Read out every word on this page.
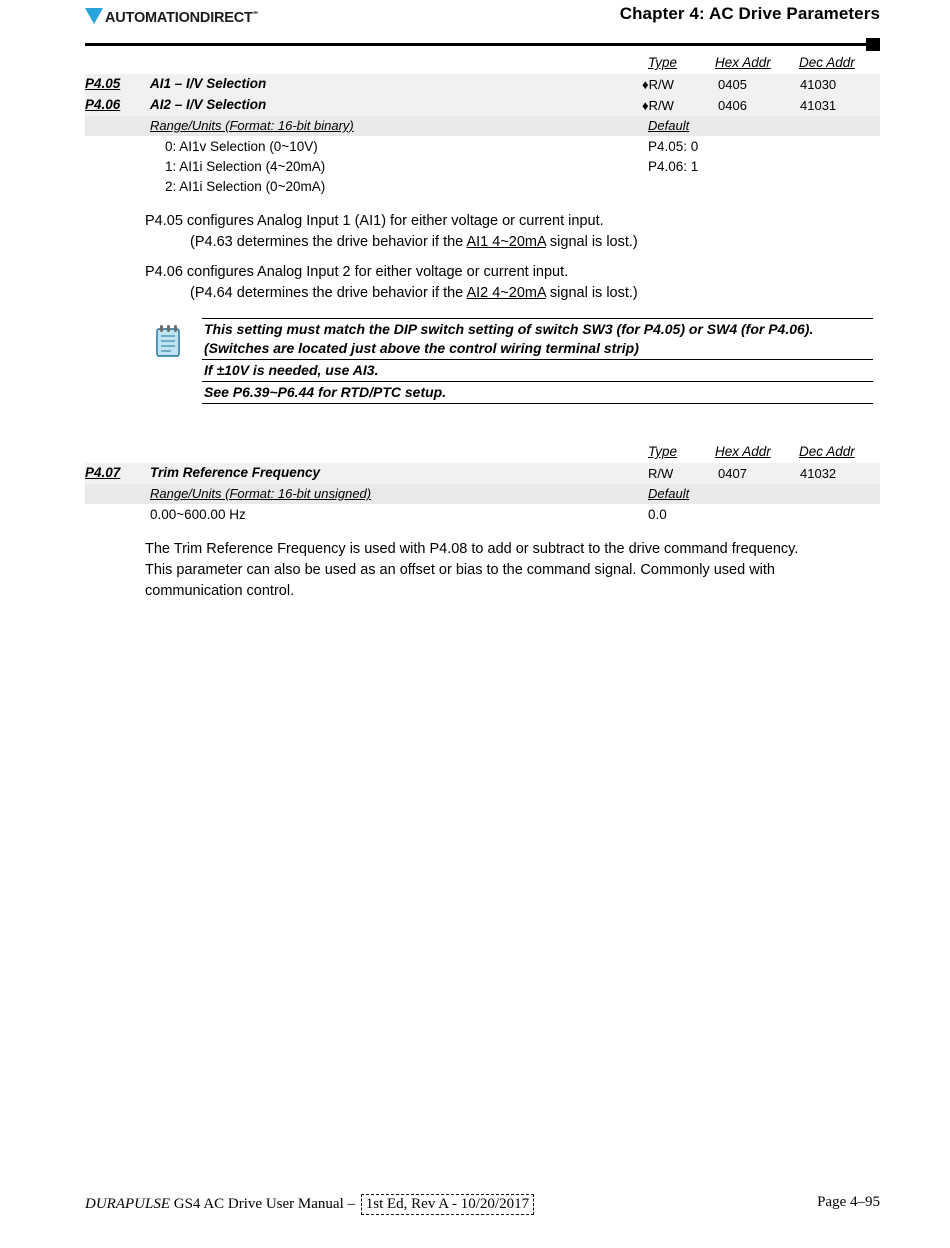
AUTOMATIONDIRECT ℠	Chapter 4: AC Drive Parameters
Type	Hex Addr Dec Addr
P4.05 AI1 – I/V Selection	♦R/W	0405	41030
P4.06 AI2 – I/V Selection	♦R/W	0406	41031
Range/Units (Format: 16-bit binary)	Default
0: AI1v Selection (0~10V)	P4.05: 0
1: AI1i Selection (4~20mA)	P4.06: 1
2: AI1i Selection (0~20mA)
P4.05 configures Analog Input 1 (AI1) for either voltage or current input.
(P4.63 determines the drive behavior if the AI1 4~20mA signal is lost.)
P4.06 configures Analog Input 2 for either voltage or current input.
(P4.64 determines the drive behavior if the AI2 4~20mA signal is lost.)
This setting must match the DIP switch setting of switch SW3 (for P4.05) or SW4 (for P4.06). (Switches are located just above the control wiring terminal strip)
If ±10V is needed, use AI3.
See P6.39~P6.44 for RTD/PTC setup.
Type	Hex Addr Dec Addr
P4.07 Trim Reference Frequency	R/W	0407	41032
Range/Units (Format: 16-bit unsigned)	Default
0.00~600.00 Hz	0.0
The Trim Reference Frequency is used with P4.08 to add or subtract to the drive command frequency. This parameter can also be used as an offset or bias to the command signal. Commonly used with communication control.
DURAPULSE GS4 AC Drive User Manual – 1st Ed, Rev A - 10/20/2017	Page 4–95
